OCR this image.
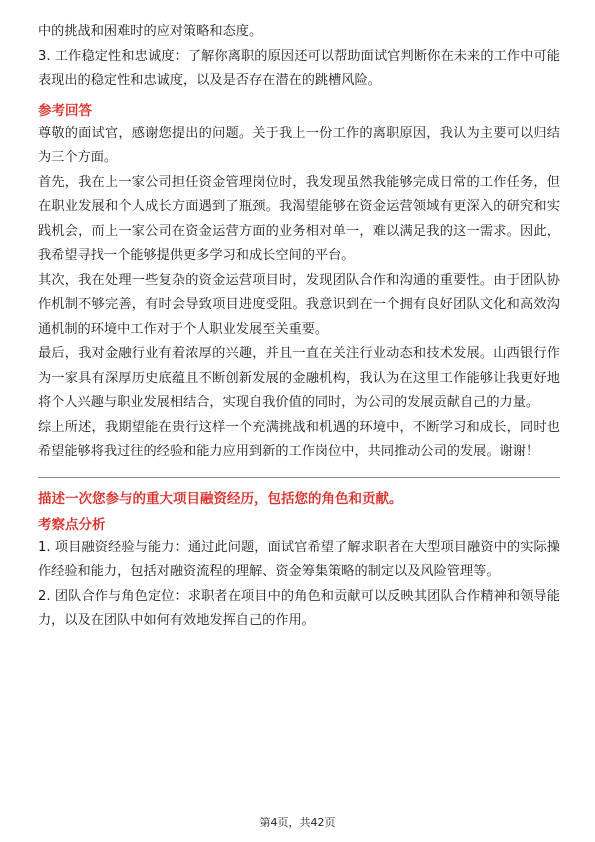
中的挑战和困难时的应对策略和态度。

3. 工作稳定性和忠诚度：了解你离职的原因还可以帮助面试官判断你在未来的工作中可能表现出的稳定性和忠诚度，以及是否存在潜在的跳槽风险。

参考回答

尊敬的面试官，感谢您提出的问题。关于我上一份工作的离职原因，我认为主要可以归结为三个方面。

首先，我在上一家公司担任资金管理岗位时，我发现虽然我能够完成日常的工作任务，但在职业发展和个人成长方面遇到了瓶颈。我渴望能够在资金运营领域有更深入的研究和实践机会，而上一家公司在资金运营方面的业务相对单一，难以满足我的这一需求。因此，我希望寻找一个能够提供更多学习和成长空间的平台。

其次，我在处理一些复杂的资金运营项目时，发现团队合作和沟通的重要性。由于团队协作机制不够完善，有时会导致项目进度受阻。我意识到在一个拥有良好团队文化和高效沟通机制的环境中工作对于个人职业发展至关重要。

最后，我对金融行业有着浓厚的兴趣，并且一直在关注行业动态和技术发展。山西银行作为一家具有深厚历史底蕴且不断创新发展的金融机构，我认为在这里工作能够让我更好地将个人兴趣与职业发展相结合，实现自我价值的同时，为公司的发展贡献自己的力量。

综上所述，我期望能在贵行这样一个充满挑战和机遇的环境中，不断学习和成长，同时也希望能够将我过往的经验和能力应用到新的工作岗位中，共同推动公司的发展。谢谢！

描述一次您参与的重大项目融资经历，包括您的角色和贡献。
考察点分析

1. 项目融资经验与能力：通过此问题，面试官希望了解求职者在大型项目融资中的实际操作经验和能力，包括对融资流程的理解、资金筹集策略的制定以及风险管理等。

2. 团队合作与角色定位：求职者在项目中的角色和贡献可以反映其团队合作精神和领导能力，以及在团队中如何有效地发挥自己的作用。

第4页，共42页
